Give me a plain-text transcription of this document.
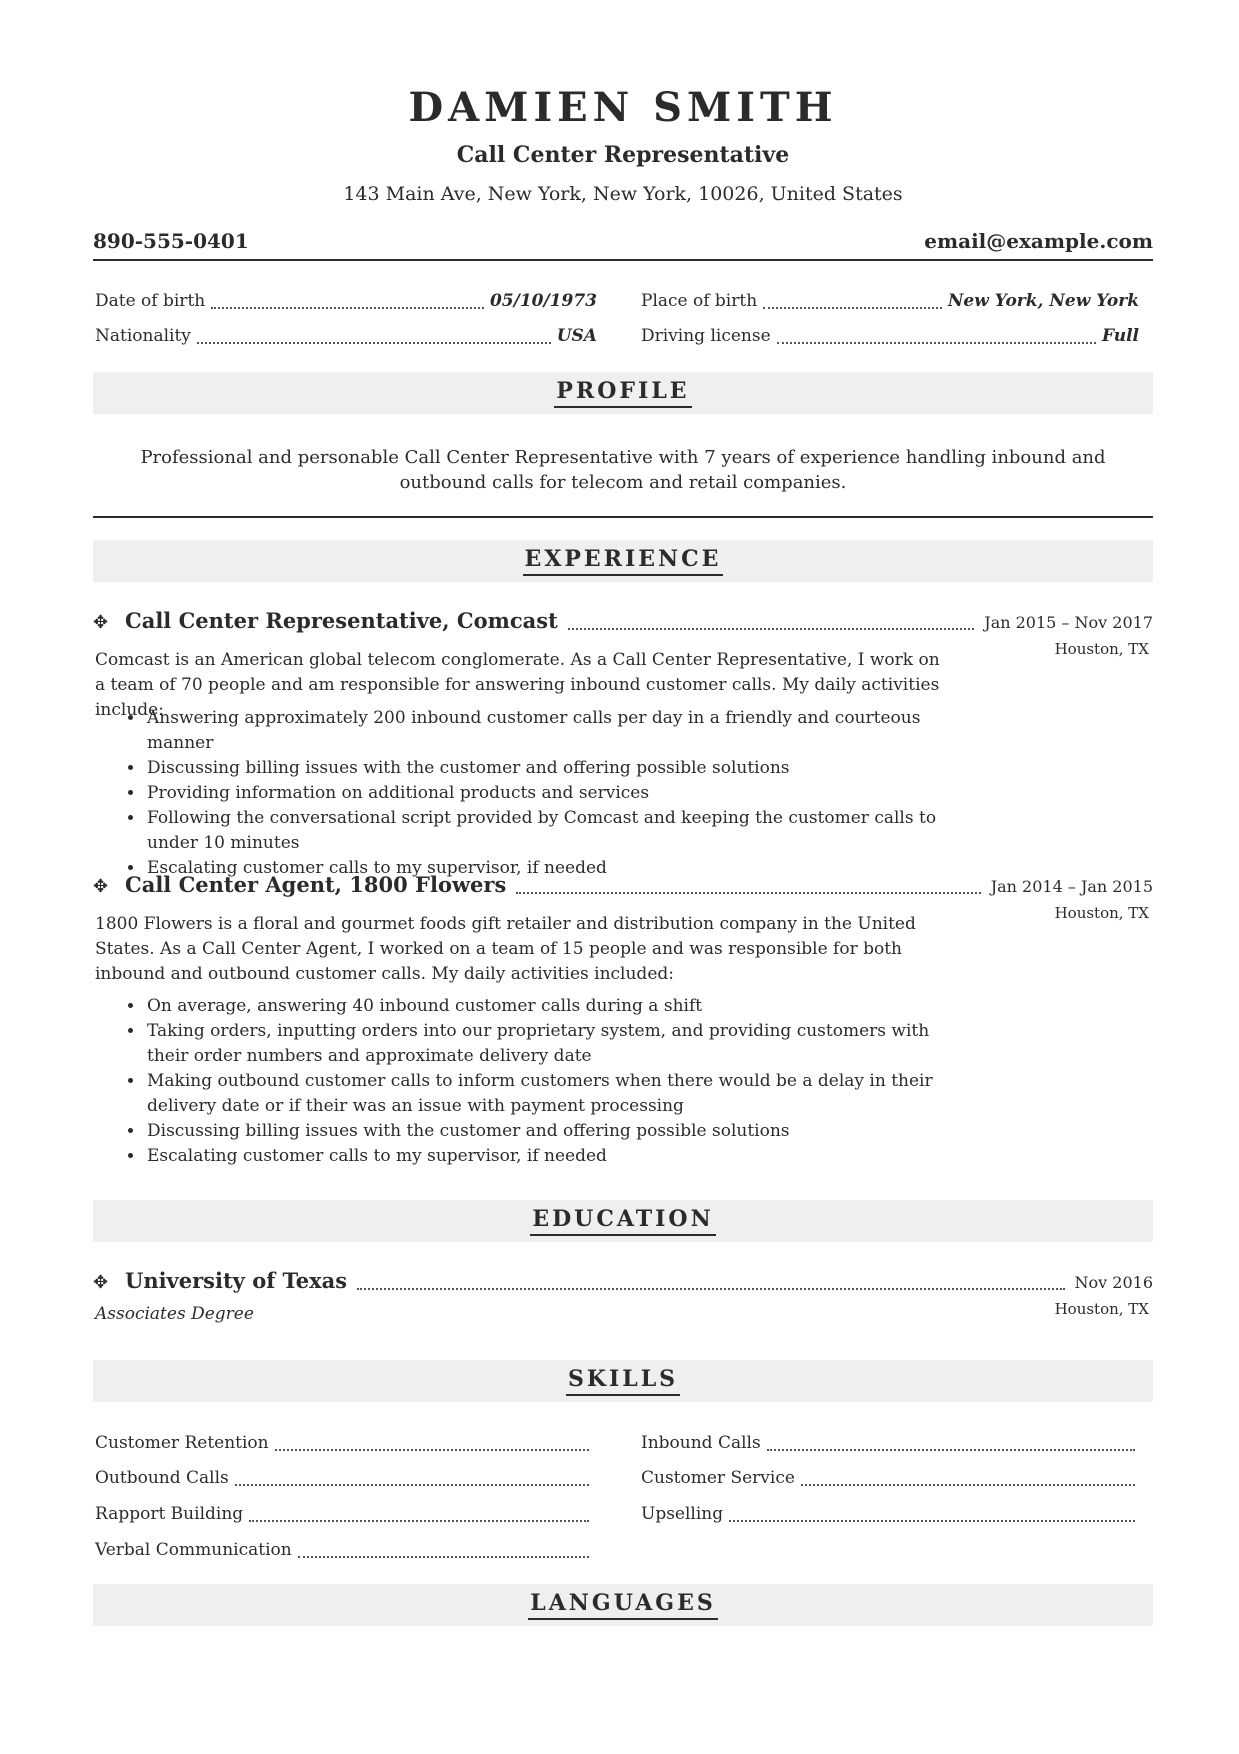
DAMIEN SMITH
Call Center Representative
143 Main Ave, New York, New York, 10026, United States
890-555-0401	email@example.com
Date of birth	05/10/1973
Nationality	USA
Place of birth	New York, New York
Driving license	Full
PROFILE
Professional and personable Call Center Representative with 7 years of experience handling inbound and outbound calls for telecom and retail companies.
EXPERIENCE
✥ Call Center Representative, Comcast	Jan 2015 – Nov 2017
Houston, TX
Comcast is an American global telecom conglomerate. As a Call Center Representative, I work on a team of 70 people and am responsible for answering inbound customer calls. My daily activities include:
• Answering approximately 200 inbound customer calls per day in a friendly and courteous manner
• Discussing billing issues with the customer and offering possible solutions
• Providing information on additional products and services
• Following the conversational script provided by Comcast and keeping the customer calls to under 10 minutes
• Escalating customer calls to my supervisor, if needed
✥ Call Center Agent, 1800 Flowers	Jan 2014 – Jan 2015
Houston, TX
1800 Flowers is a floral and gourmet foods gift retailer and distribution company in the United States. As a Call Center Agent, I worked on a team of 15 people and was responsible for both inbound and outbound customer calls. My daily activities included:
• On average, answering 40 inbound customer calls during a shift
• Taking orders, inputting orders into our proprietary system, and providing customers with their order numbers and approximate delivery date
• Making outbound customer calls to inform customers when there would be a delay in their delivery date or if their was an issue with payment processing
• Discussing billing issues with the customer and offering possible solutions
• Escalating customer calls to my supervisor, if needed
EDUCATION
✥ University of Texas	Nov 2016
Houston, TX
Associates Degree
SKILLS
Customer Retention	Inbound Calls
Outbound Calls	Customer Service
Rapport Building	Upselling
Verbal Communication
LANGUAGES
